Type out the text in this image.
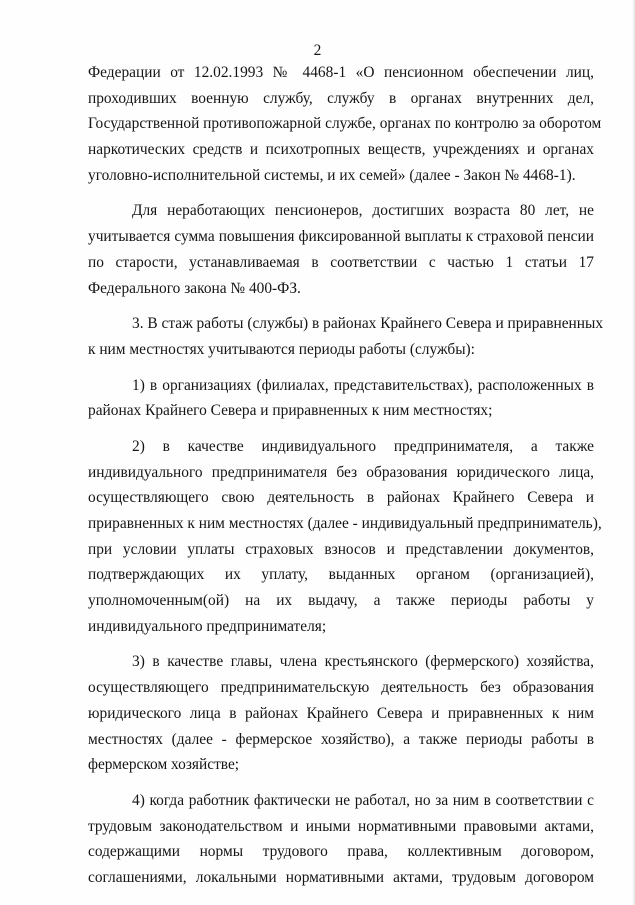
2
Федерации от 12.02.1993 № 4468-1 «О пенсионном обеспечении лиц,
проходивших военную службу, службу в органах внутренних дел,
Государственной противопожарной службе, органах по контролю за оборотом
наркотических средств и психотропных веществ, учреждениях и органах
уголовно-исполнительной системы, и их семей» (далее - Закон № 4468-1).
Для неработающих пенсионеров, достигших возраста 80 лет, не
учитывается сумма повышения фиксированной выплаты к страховой пенсии
по старости, устанавливаемая в соответствии с частью 1 статьи 17
Федерального закона № 400-ФЗ.
3. В стаж работы (службы) в районах Крайнего Севера и приравненных
к ним местностях учитываются периоды работы (службы):
1) в организациях (филиалах, представительствах), расположенных в
районах Крайнего Севера и приравненных к ним местностях;
2) в качестве индивидуального предпринимателя, а также
индивидуального предпринимателя без образования юридического лица,
осуществляющего свою деятельность в районах Крайнего Севера и
приравненных к ним местностях (далее - индивидуальный предприниматель),
при условии уплаты страховых взносов и представлении документов,
подтверждающих их уплату, выданных органом (организацией),
уполномоченным(ой) на их выдачу, а также периоды работы у
индивидуального предпринимателя;
3) в качестве главы, члена крестьянского (фермерского) хозяйства,
осуществляющего предпринимательскую деятельность без образования
юридического лица в районах Крайнего Севера и приравненных к ним
местностях (далее - фермерское хозяйство), а также периоды работы в
фермерском хозяйстве;
4) когда работник фактически не работал, но за ним в соответствии с
трудовым законодательством и иными нормативными правовыми актами,
содержащими нормы трудового права, коллективным договором,
соглашениями, локальными нормативными актами, трудовым договором
